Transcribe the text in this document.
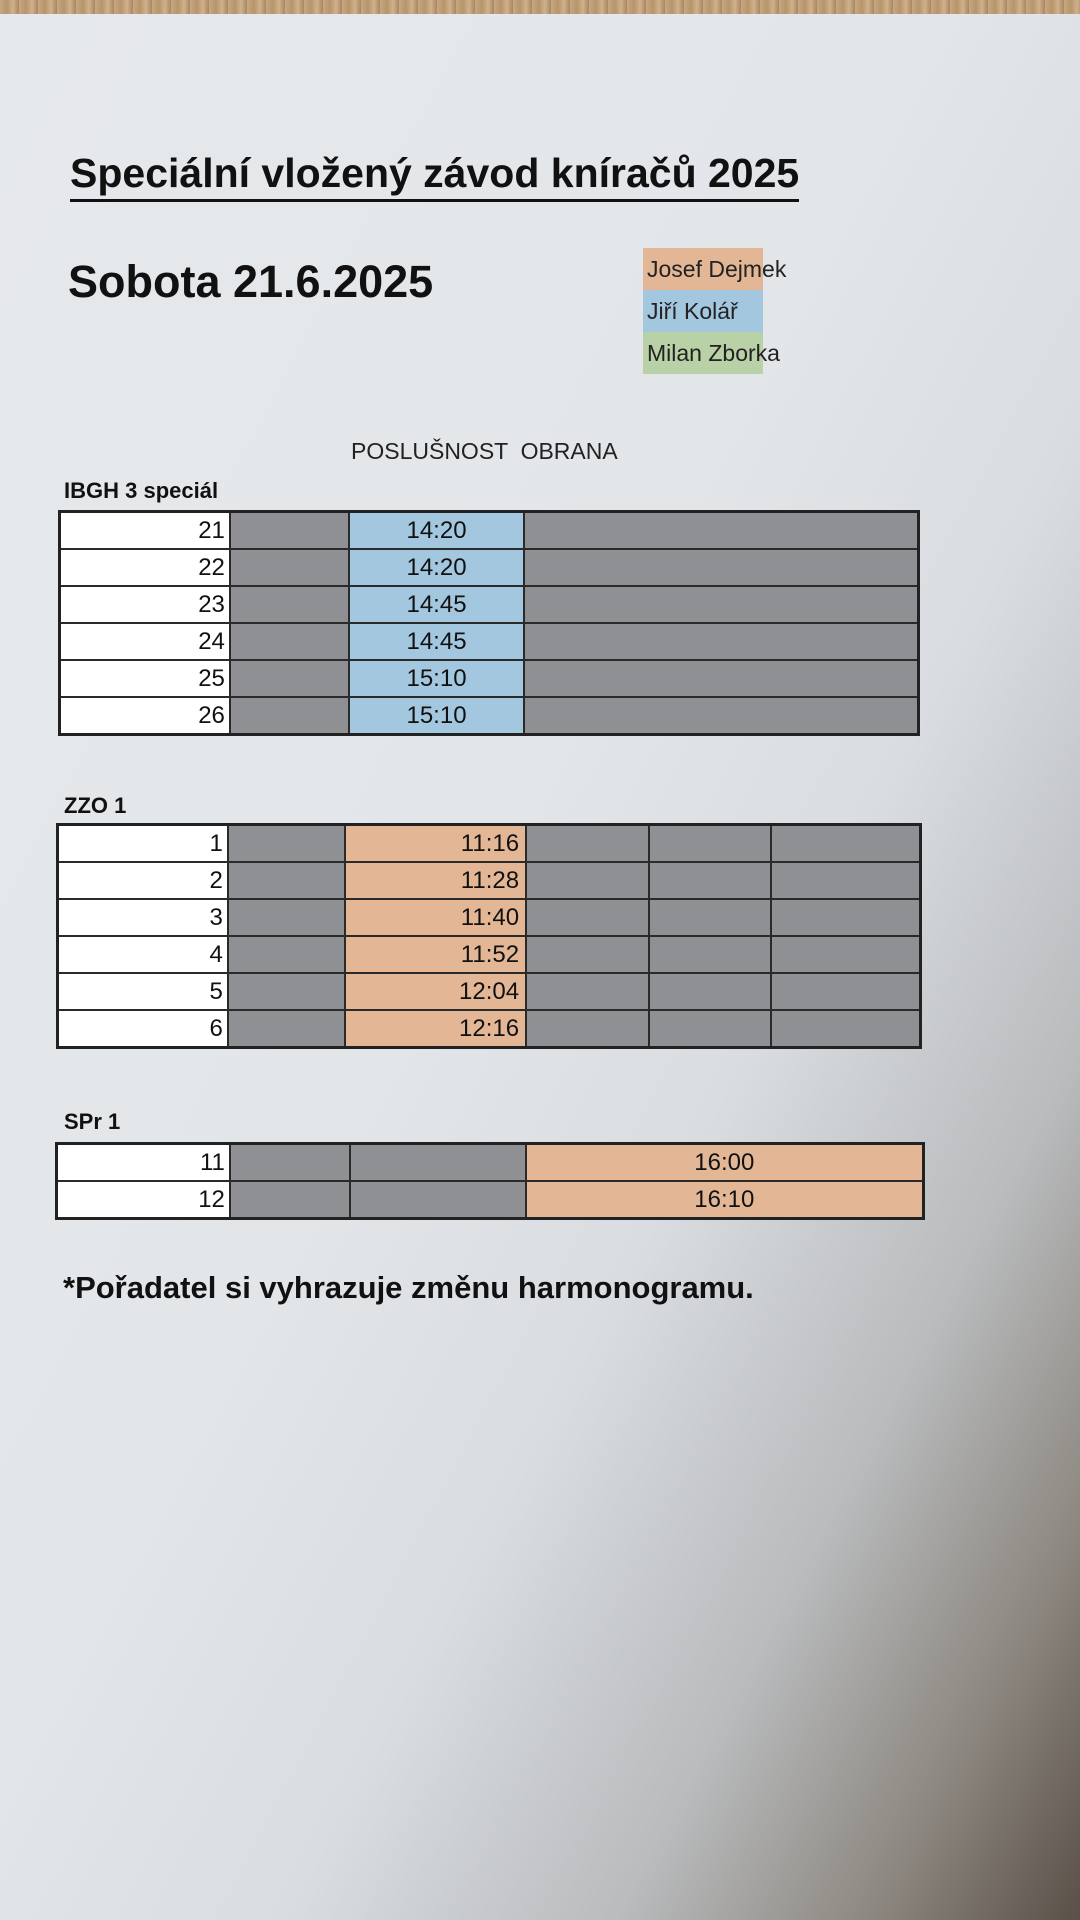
Speciální vložený závod kníračů 2025
Sobota 21.6.2025	Josef Dejmek
Jiří Kolář
Milan Zborka
POSLUŠNOST  OBRANA
IBGH 3 speciál
21		14:20	
22		14:20	
23		14:45	
24		14:45	
25		15:10	
26		15:10	
ZZO 1
1		11:16			
2		11:28			
3		11:40			
4		11:52			
5		12:04			
6		12:16			
SPr 1
11			16:00
12			16:10
*Pořadatel si vyhrazuje změnu harmonogramu.
